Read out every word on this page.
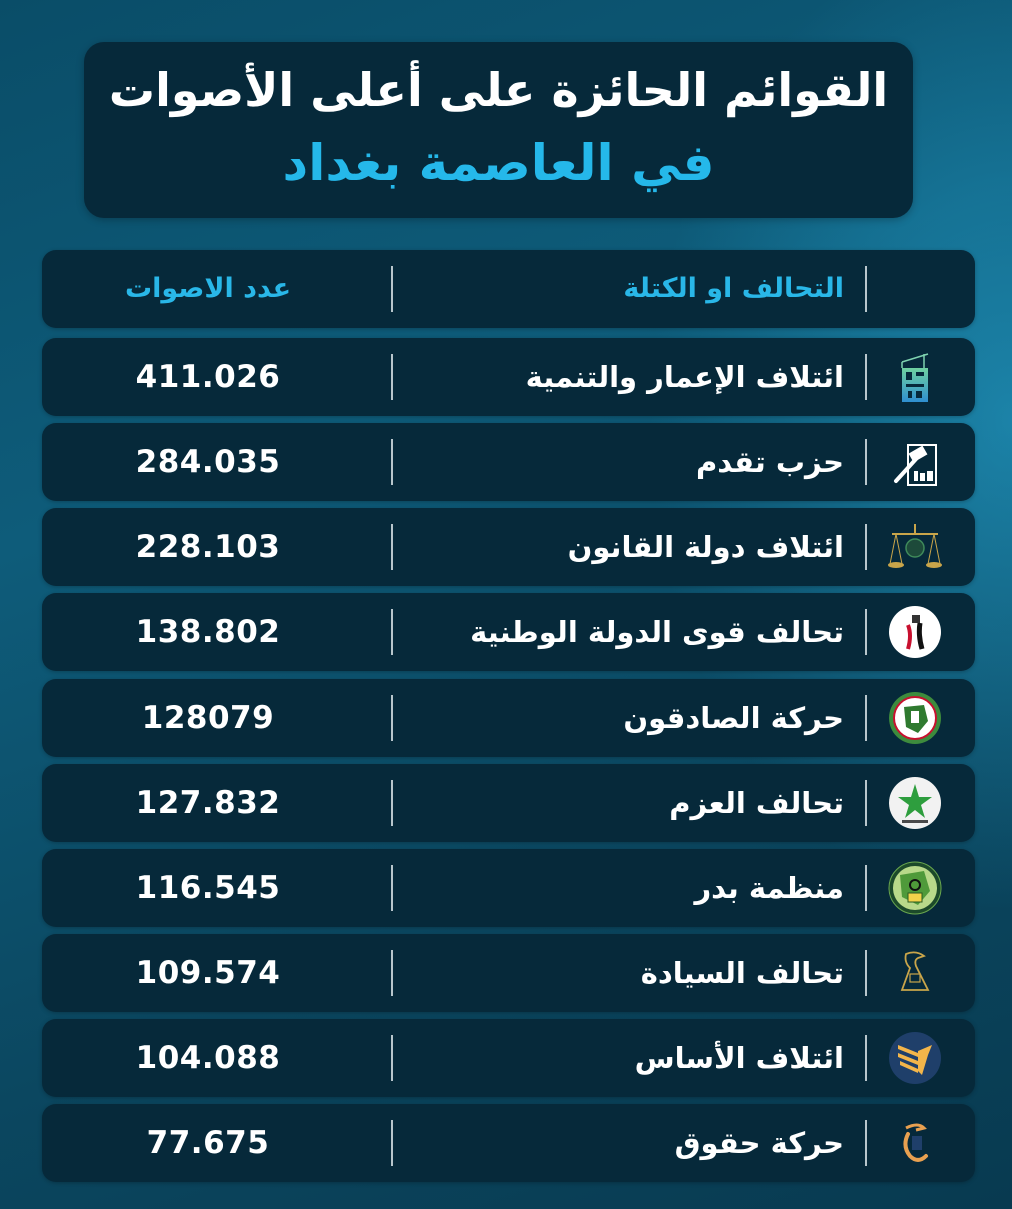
القوائم الحائزة على أعلى الأصوات
في العاصمة بغداد
عدد الاصوات	التحالف او الكتلة
411.026	ائتلاف الإعمار والتنمية
284.035	حزب تقدم
228.103	ائتلاف دولة القانون
138.802	تحالف قوى الدولة الوطنية
128079	حركة الصادقون
127.832	تحالف العزم
116.545	منظمة بدر
109.574	تحالف السيادة
104.088	ائتلاف الأساس
77.675	حركة حقوق
